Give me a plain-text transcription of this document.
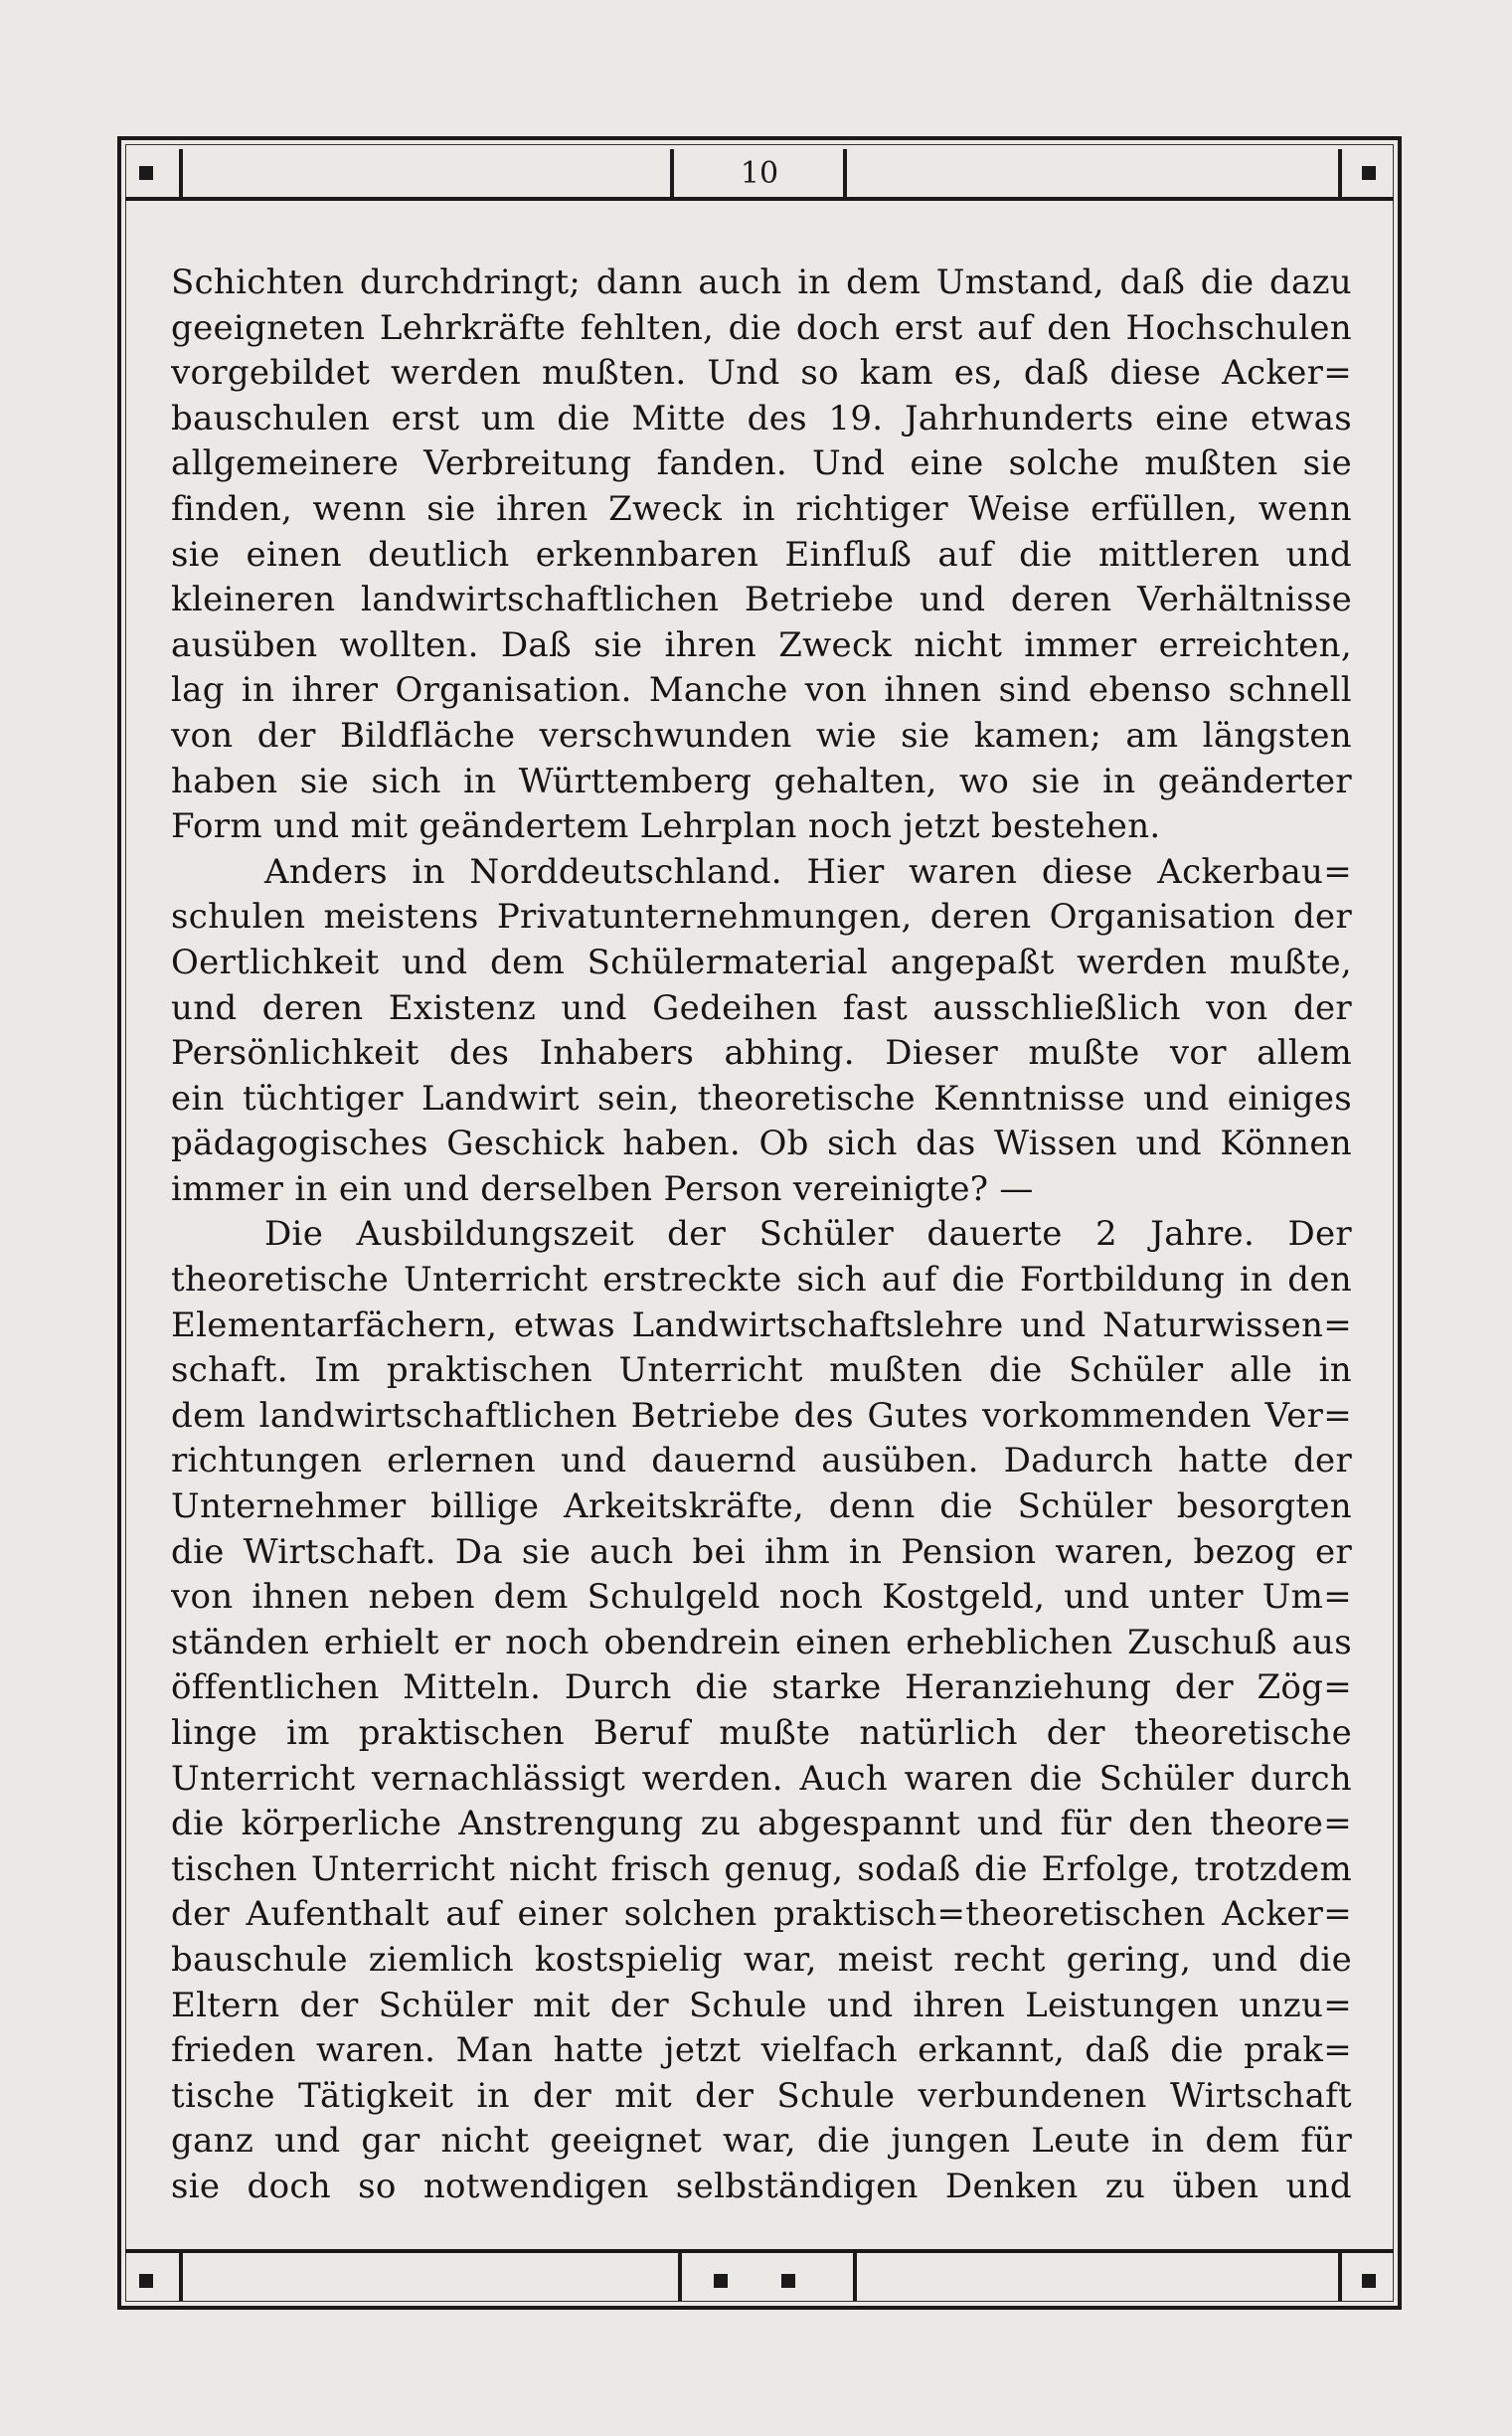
10
Schichten durchdringt; dann auch in dem Umstand, daß die dazu
geeigneten Lehrkräfte fehlten, die doch erst auf den Hochschulen
vorgebildet werden mußten. Und so kam es, daß diese Acker=
bauschulen erst um die Mitte des 19. Jahrhunderts eine etwas
allgemeinere Verbreitung fanden. Und eine solche mußten sie
finden, wenn sie ihren Zweck in richtiger Weise erfüllen, wenn
sie einen deutlich erkennbaren Einfluß auf die mittleren und
kleineren landwirtschaftlichen Betriebe und deren Verhältnisse
ausüben wollten. Daß sie ihren Zweck nicht immer erreichten,
lag in ihrer Organisation. Manche von ihnen sind ebenso schnell
von der Bildfläche verschwunden wie sie kamen; am längsten
haben sie sich in Württemberg gehalten, wo sie in geänderter
Form und mit geändertem Lehrplan noch jetzt bestehen.
Anders in Norddeutschland. Hier waren diese Ackerbau=
schulen meistens Privatunternehmungen, deren Organisation der
Oertlichkeit und dem Schülermaterial angepaßt werden mußte,
und deren Existenz und Gedeihen fast ausschließlich von der
Persönlichkeit des Inhabers abhing. Dieser mußte vor allem
ein tüchtiger Landwirt sein, theoretische Kenntnisse und einiges
pädagogisches Geschick haben. Ob sich das Wissen und Können
immer in ein und derselben Person vereinigte? —
Die Ausbildungszeit der Schüler dauerte 2 Jahre. Der
theoretische Unterricht erstreckte sich auf die Fortbildung in den
Elementarfächern, etwas Landwirtschaftslehre und Naturwissen=
schaft. Im praktischen Unterricht mußten die Schüler alle in
dem landwirtschaftlichen Betriebe des Gutes vorkommenden Ver=
richtungen erlernen und dauernd ausüben. Dadurch hatte der
Unternehmer billige Arkeitskräfte, denn die Schüler besorgten
die Wirtschaft. Da sie auch bei ihm in Pension waren, bezog er
von ihnen neben dem Schulgeld noch Kostgeld, und unter Um=
ständen erhielt er noch obendrein einen erheblichen Zuschuß aus
öffentlichen Mitteln. Durch die starke Heranziehung der Zög=
linge im praktischen Beruf mußte natürlich der theoretische
Unterricht vernachlässigt werden. Auch waren die Schüler durch
die körperliche Anstrengung zu abgespannt und für den theore=
tischen Unterricht nicht frisch genug, sodaß die Erfolge, trotzdem
der Aufenthalt auf einer solchen praktisch=theoretischen Acker=
bauschule ziemlich kostspielig war, meist recht gering, und die
Eltern der Schüler mit der Schule und ihren Leistungen unzu=
frieden waren. Man hatte jetzt vielfach erkannt, daß die prak=
tische Tätigkeit in der mit der Schule verbundenen Wirtschaft
ganz und gar nicht geeignet war, die jungen Leute in dem für
sie doch so notwendigen selbständigen Denken zu üben und
